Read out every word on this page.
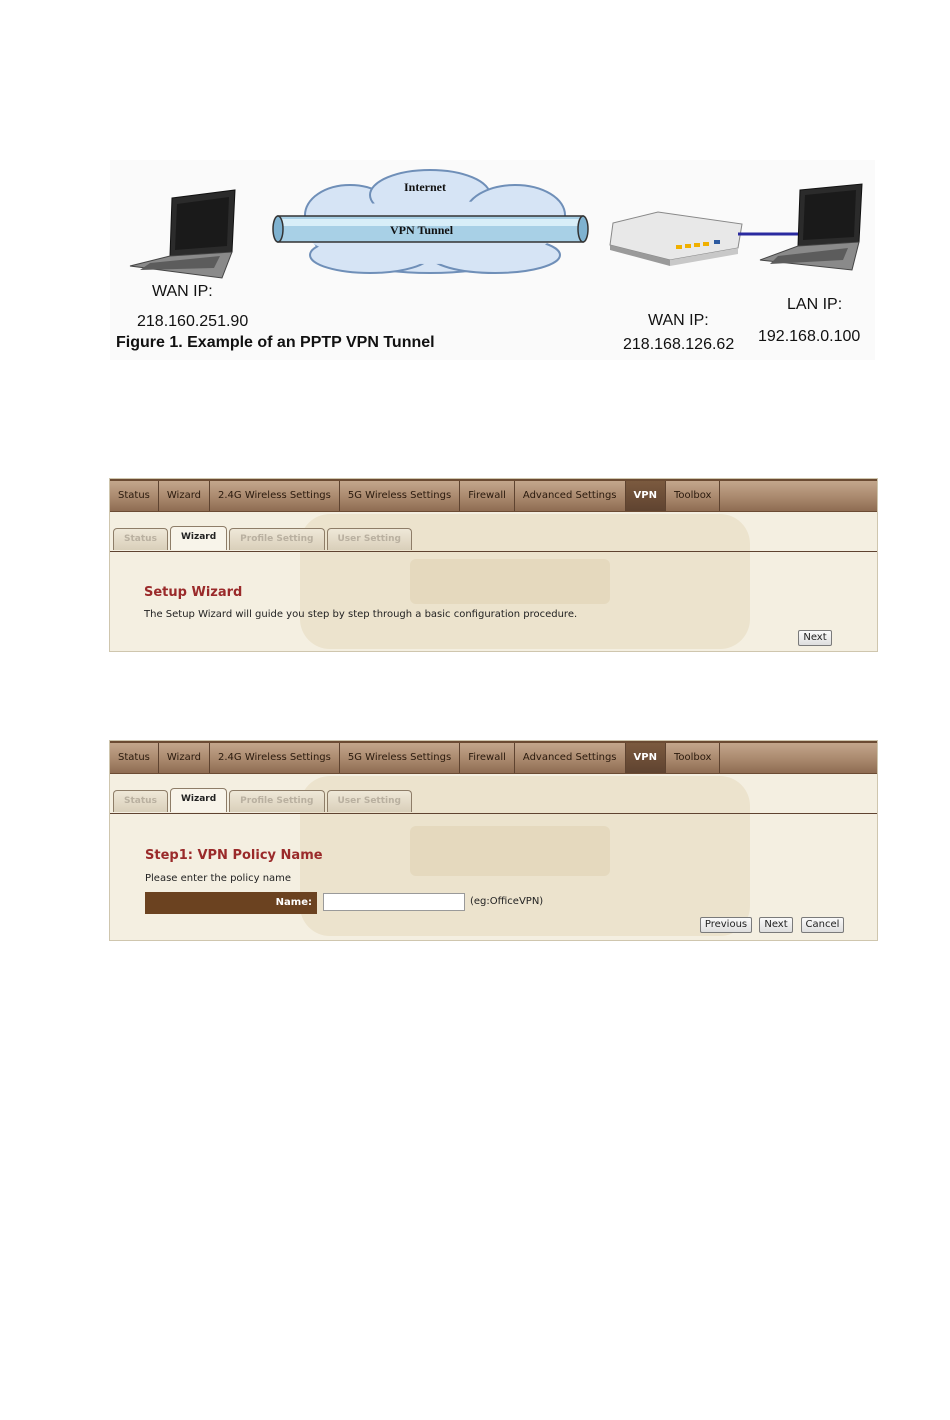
Internet
VPN Tunnel
WAN IP:
218.160.251.90
Figure 1. Example of an PPTP VPN Tunnel
WAN IP:
218.168.126.62
LAN IP:
192.168.0.100
Status	Wizard	2.4G Wireless Settings	5G Wireless Settings	Firewall	Advanced Settings	VPN	Toolbox
Status	Wizard	Profile Setting	User Setting
Setup Wizard
The Setup Wizard will guide you step by step through a basic configuration procedure.
Next
Status	Wizard	2.4G Wireless Settings	5G Wireless Settings	Firewall	Advanced Settings	VPN	Toolbox
Status	Wizard	Profile Setting	User Setting
Step1: VPN Policy Name
Please enter the policy name
Name:	(eg:OfficeVPN)
Previous	Next	Cancel
